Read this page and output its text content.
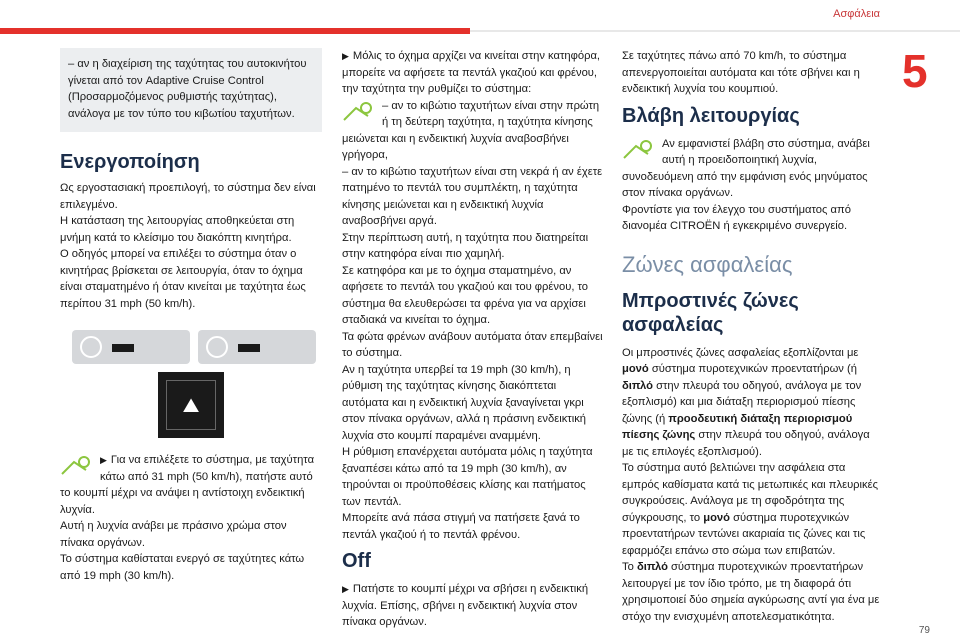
Ασφάλεια
5
79

– αν η διαχείριση της ταχύτητας του αυτοκινήτου γίνεται από τον Adaptive Cruise Control (Προσαρμοζόμενος ρυθμιστής ταχύτητας), ανάλογα με τον τύπο του κιβωτίου ταχυτήτων.

Ενεργοποίηση

Ως εργοστασιακή προεπιλογή, το σύστημα δεν είναι επιλεγμένο.

Η κατάσταση της λειτουργίας αποθηκεύεται στη μνήμη κατά το κλείσιμο του διακόπτη κινητήρα.

Ο οδηγός μπορεί να επιλέξει το σύστημα όταν ο κινητήρας βρίσκεται σε λειτουργία, όταν το όχημα είναι σταματημένο ή όταν κινείται με ταχύτητα έως περίπου 31 mph (50 km/h).

⛰

▶ Για να επιλέξετε το σύστημα, με ταχύτητα κάτω από 31 mph (50 km/h), πατήστε αυτό το κουμπί μέχρι να ανάψει η αντίστοιχη ενδεικτική λυχνία.

Αυτή η λυχνία ανάβει με πράσινο χρώμα στον πίνακα οργάνων.

Το σύστημα καθίσταται ενεργό σε ταχύτητες κάτω από 19 mph (30 km/h).

▶ Μόλις το όχημα αρχίζει να κινείται στην κατηφόρα, μπορείτε να αφήσετε τα πεντάλ γκαζιού και φρένου, την ταχύτητα την ρυθμίζει το σύστημα:

– αν το κιβώτιο ταχυτήτων είναι στην πρώτη ή τη δεύτερη ταχύτητα, η ταχύτητα κίνησης μειώνεται και η ενδεικτική λυχνία αναβοσβήνει γρήγορα,

– αν το κιβώτιο ταχυτήτων είναι στη νεκρά ή αν έχετε πατημένο το πεντάλ του συμπλέκτη, η ταχύτητα κίνησης μειώνεται και η ενδεικτική λυχνία αναβοσβήνει αργά.

Στην περίπτωση αυτή, η ταχύτητα που διατηρείται στην κατηφόρα είναι πιο χαμηλή.

Σε κατηφόρα και με το όχημα σταματημένο, αν αφήσετε το πεντάλ του γκαζιού και του φρένου, το σύστημα θα ελευθερώσει τα φρένα για να αρχίσει σταδιακά να κινείται το όχημα.

Τα φώτα φρένων ανάβουν αυτόματα όταν επεμβαίνει το σύστημα.

Αν η ταχύτητα υπερβεί τα 19 mph (30 km/h), η ρύθμιση της ταχύτητας κίνησης διακόπτεται αυτόματα και η ενδεικτική λυχνία ξαναγίνεται γκρι στον πίνακα οργάνων, αλλά η πράσινη ενδεικτική λυχνία στο κουμπί παραμένει αναμμένη.

Η ρύθμιση επανέρχεται αυτόματα μόλις η ταχύτητα ξαναπέσει κάτω από τα 19 mph (30 km/h), αν τηρούνται οι προϋποθέσεις κλίσης και πατήματος των πεντάλ.

Μπορείτε ανά πάσα στιγμή να πατήσετε ξανά το πεντάλ γκαζιού ή το πεντάλ φρένου.

Off

▶ Πατήστε το κουμπί μέχρι να σβήσει η ενδεικτική λυχνία. Επίσης, σβήνει η ενδεικτική λυχνία στον πίνακα οργάνων.

Σε ταχύτητες πάνω από 70 km/h, το σύστημα απενεργοποιείται αυτόματα και τότε σβήνει και η ενδεικτική λυχνία του κουμπιού.

Βλάβη λειτουργίας

Αν εμφανιστεί βλάβη στο σύστημα, ανάβει αυτή η προειδοποιητική λυχνία, συνοδευόμενη από την εμφάνιση ενός μηνύματος στον πίνακα οργάνων.

Φροντίστε για τον έλεγχο του συστήματος από διανομέα CITROËN ή εγκεκριμένο συνεργείο.

Ζώνες ασφαλείας
Μπροστινές ζώνες ασφαλείας

Οι μπροστινές ζώνες ασφαλείας εξοπλίζονται με μονό σύστημα πυροτεχνικών προεντατήρων (ή διπλό στην πλευρά του οδηγού, ανάλογα με τον εξοπλισμό) και μια διάταξη περιορισμού πίεσης ζώνης (ή προοδευτική διάταξη περιορισμού πίεσης ζώνης στην πλευρά του οδηγού, ανάλογα με τις επιλογές εξοπλισμού).

Το σύστημα αυτό βελτιώνει την ασφάλεια στα εμπρός καθίσματα κατά τις μετωπικές και πλευρικές συγκρούσεις. Ανάλογα με τη σφοδρότητα της σύγκρουσης, το μονό σύστημα πυροτεχνικών προεντατήρων τεντώνει ακαριαία τις ζώνες και τις εφαρμόζει επάνω στο σώμα των επιβατών.

Το διπλό σύστημα πυροτεχνικών προεντατήρων λειτουργεί με τον ίδιο τρόπο, με τη διαφορά ότι χρησιμοποιεί δύο σημεία αγκύρωσης αντί για ένα με στόχο την ενισχυμένη αποτελεσματικότητα.
